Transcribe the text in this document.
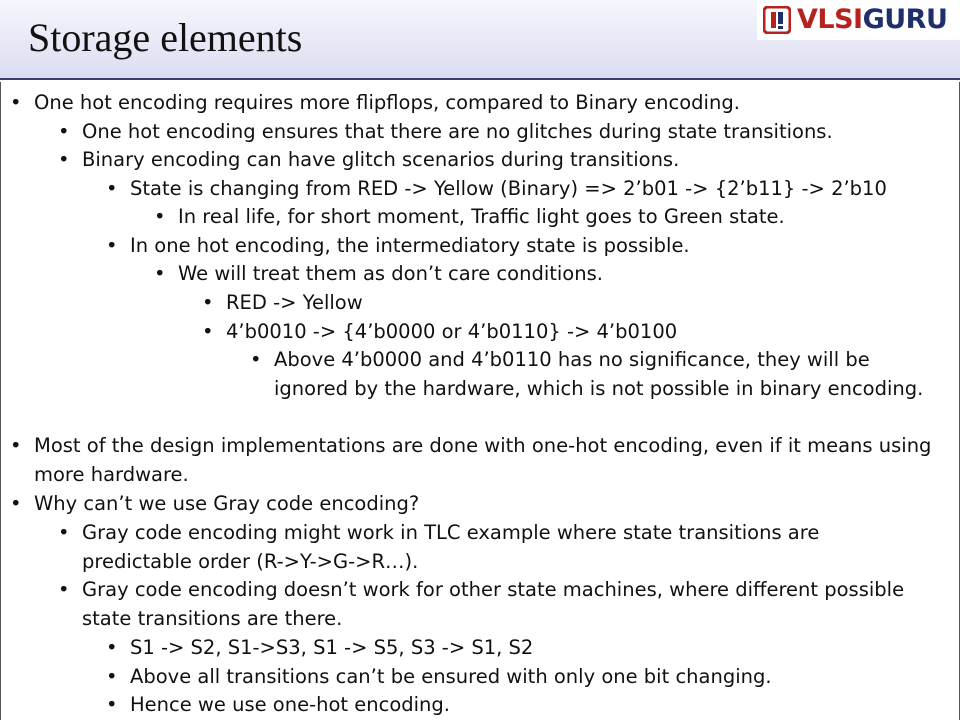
Storage elements	VLSIGURU
• One hot encoding requires more flipflops, compared to Binary encoding.
• One hot encoding ensures that there are no glitches during state transitions.
• Binary encoding can have glitch scenarios during transitions.
• State is changing from RED -> Yellow (Binary) => 2’b01 -> {2’b11} -> 2’b10
• In real life, for short moment, Traffic light goes to Green state.
• In one hot encoding, the intermediatory state is possible.
• We will treat them as don’t care conditions.
• RED -> Yellow
• 4’b0010 -> {4’b0000 or 4’b0110} -> 4’b0100
• Above 4’b0000 and 4’b0110 has no significance, they will be ignored by the hardware, which is not possible in binary encoding.
• Most of the design implementations are done with one-hot encoding, even if it means using more hardware.
• Why can’t we use Gray code encoding?
• Gray code encoding might work in TLC example where state transitions are predictable order (R->Y->G->R…).
• Gray code encoding doesn’t work for other state machines, where different possible state transitions are there.
• S1 -> S2, S1->S3, S1 -> S5, S3 -> S1, S2
• Above all transitions can’t be ensured with only one bit changing.
• Hence we use one-hot encoding.
